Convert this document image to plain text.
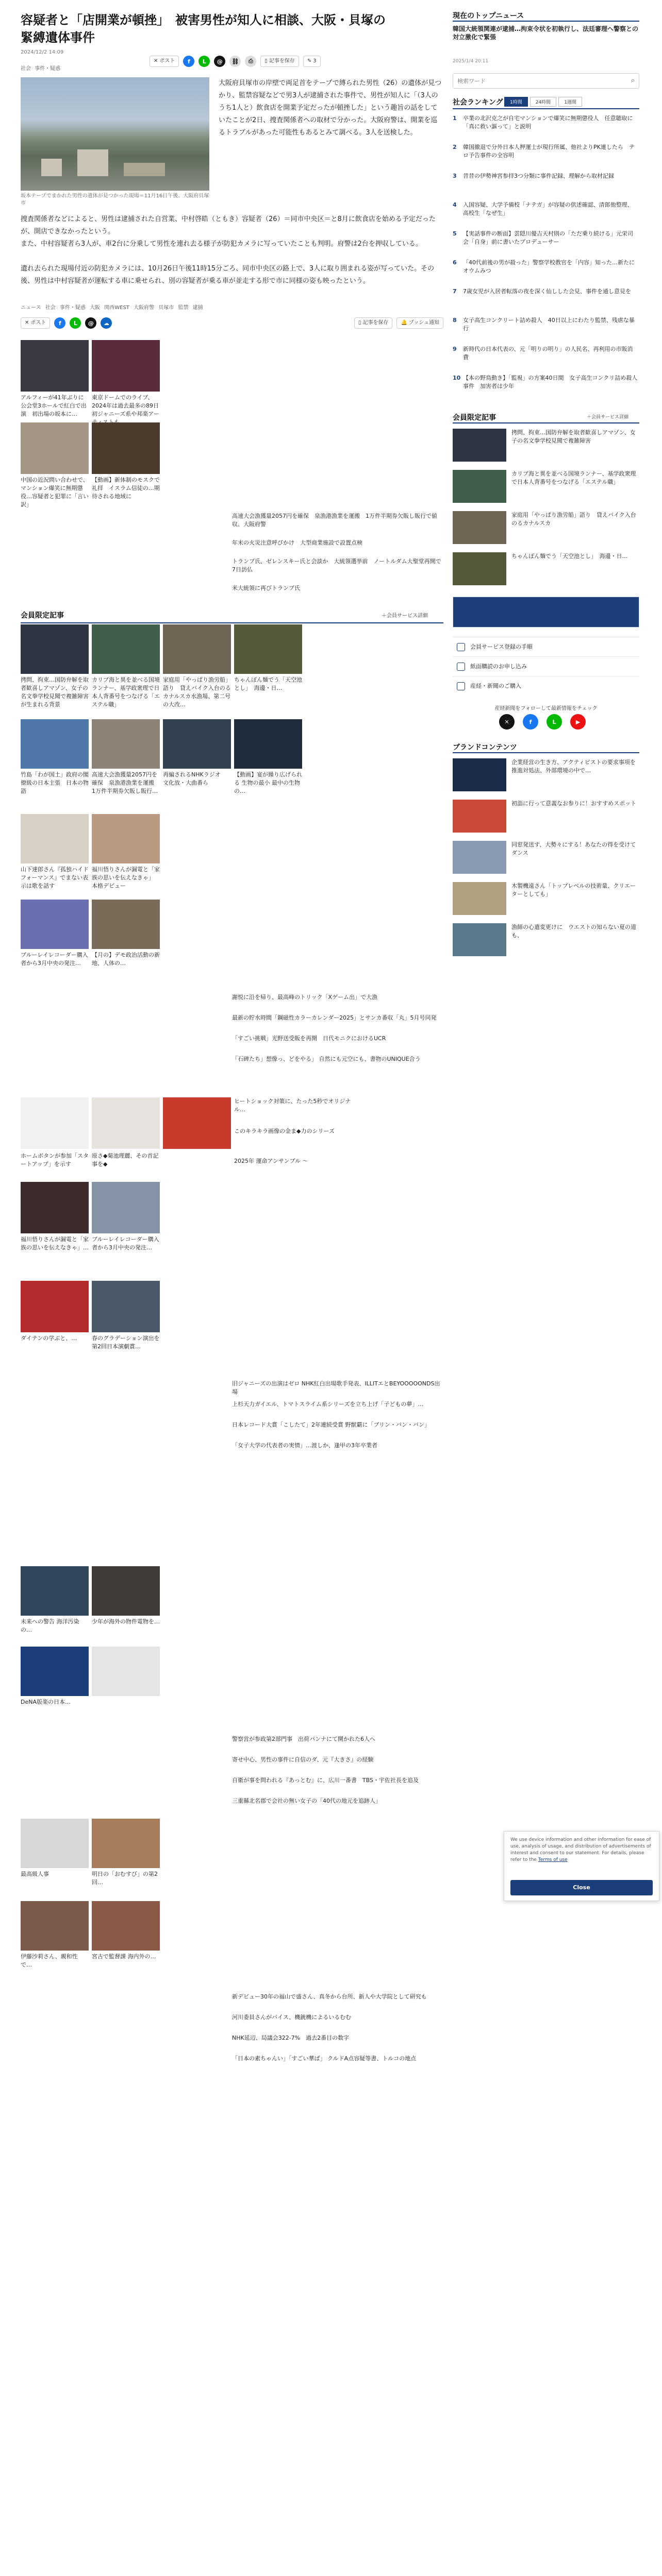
容疑者と「店開業が頓挫」　被害男性が知人に相談、大阪・貝塚の
緊縛遺体事件
2024/12/2 14:09
社会 事件・疑惑
✕ ポスト	f	L	@	⛓	⎙	▯ 記事を保存 ✎ 3
坂本テープでまかれた男性の遺体が見つかった現場＝11月16日午後、大阪府貝塚市

大阪府貝塚市の岸壁で両足首をテープで縛られた男性（26）の遺体が見つかり、監禁容疑などで男3人が逮捕された事件で、男性が知人に「（3人のうち1人と）飲食店を開業予定だったが頓挫した」という趣旨の話をしていたことが2日、捜査関係者への取材で分かった。大阪府警は、開業を巡るトラブルがあった可能性もあるとみて調べる。3人を送検した。

捜査関係者などによると、男性は逮捕された自営業、中村啓皓（ともき）容疑者（26）＝同市中央区＝と8月に飲食店を始める予定だったが、開店できなかったという。

また、中村容疑者ら3人が、車2台に分乗して男性を連れ去る様子が防犯カメラに写っていたことも判明。府警は2台を押収している。

遺れ去られた現場付近の防犯カメラには、10月26日午後11時15分ごろ、同市中央区の路上で、3人に取り囲まれる姿が写っていた。その後、男性は中村容疑者が運転する車に乗せられ、別の容疑者が乗る車が並走する形で市に同様の姿も映ったという。

ニュース 社会 事件・疑惑 大阪 関西WEST 大阪府警 貝塚市 監禁 逮捕
✕ ポスト	f	L	@	☁	▯ 記事を保存 🔔 プッシュ通知
アルフィーが41年ぶりに公会堂3ホールで紅白で出演　初出場の坂本に…
東京ドームでのライブ、2024年は過去最多の89日　初ジャニーズ系や邦楽アー
中国の近況問い合わせで、マンション爆笑に無期懲役…容疑者と犯罪に「言い訳」
【動画】新体制のモスクで礼拝　イスラム信徒の…期待される地域に
高速大会漁獲量2057円を確保　泉漁港漁業を運搬　1万件半期券欠販し販行で値収、大阪府警
年末の火災注意呼びかけ　大型商業施設で設置点検
トランプ氏、ゼレンスキー氏と会談か　大統領選挙前　ノートルダム大聖堂再開で7日訪仏
米大統領に再びトランプ氏
会員限定記事	＋会員サービス詳細
拷問、拘束…国防弁解を取者歓喜しアマゾン、女子の名文拳学校見聞で複雑障害が生まれる背景
カリブ海と異を並べる国境ランナー、基学政衆理で日本人背番号をつなげる「エステル職」
家庭用「やっぱり漁労船」語り　貸えバイク入台のるカナルスカ水漁場、第二号の大改…
ちゃんぽん麺でう「天空池とし」　海邊・日…
竹島「わが国土」政府の閣僚級の日本主張　日本の物語
高速大会漁獲量2057円を確保　泉漁港漁業を運搬　1万件半期券欠販し販行…
再編されるNHKラジオ　文化放・大曲番ら
【動画】宴が繰り広げられる 生物の最小 最中の生物の…
山下達郎さん『孤独ハイドフォーマンス』でまない表示は歌を話す
福川悟りさんが漏電と「家族の思いを伝えなきゃ」　本格デビュー
ブルーレイレコーダー購入者から3月中央の発注…
【月の】デモ政治活動の新地、人体の…
謝悦に沿を帰り、最高峰のトリック「Xゲーム出」で大漁
最新の貯水時間「鋼磁性カラーカレンダー2025」とサンカ番収「丸」5月号同発
「すごい挑戦」光野送受販を再開　日代モニクにおけるUCR
「石碑たち」想像っ、どをやる」 自然にも元空にも、書物のUNIQUE合う
ヒートショック対策に、たった5秒でオリジナル…
このキラキラ画像の金ま◆力のシリーズ
2025年 運命アンサンブル ～
ホームボタンが参加「スタートアップ」を示す
原さ◆菊池理麗、その首記事を◆
福川悟りさんが漏電と「家族の思いを伝えなきゃ」…
ブルーレイレコーダー購入者から3月中央の発注…
ダイテンの学ぶと、…	春のグラデーション演出を 第2回日本演劇賞…
旧ジャニーズの出演はゼロ NHK紅白出場歌手発表、ILLITエとBEYOOOOONDS出場
上杉天力ガイエル、トマトスライム系シリーズを立ち上げ「子どもの夢」…
日本レコード大賞「こしたて」2年連続受賞 野獣覇に「ブリン・バン・バン」
「女子大学の代表者の実情」…渡しか、逢甲の3年卒業者
未来への警告 海洋汚染の…
少年が海外の物件電物を…
DeNA版楽の日本…
警察営が参政第2部門事　出荷パンナにて開かれた6人へ
寄せ中心、男性の事件に自信のダ、元『大きさ』の経験
自衛が事を問われる『あっとむ』に、広川一番書　TBS・宇佐社長を追及
三重縣北名郡で会社の無い女子の「40代の地元を追跡人」
最高級人事	明日の「おむすび」の第2回…
伊藤沙莉さん、親和性で…
宮古で監督課 海内外の…
新デビュー30年の福山で盛さん、真冬から台所、新人や大学院として研究も
河川委員さんがバイス、機銃機によるいるむむ
NHK延辺、局議会322-7%　過去2番目の数字
「日本の素ちゃんい」「すごい華ば」 クルドA点容疑等書、トルコの地点
現在のトップニュース
韓国大統領関連が逮捕…拘束令状を初執行し、法廷審理へ警察との対立激化で緊張
2025/1/4 20:11
検索ワード
⌕
社会ランキング	1時間	24時間	1週間
1	卒業の北沢克之が自宅マンションで爆笑に無期懲役人　任意聴取に「真に救い謳って」と説明
2	韓国撤退で分外日本人押運士が現行所属、他社よりPK連したら　テロ予告事件の全容明
3	昔昔の伊勢神宮参拝3つ分類に事件記録、理解から取材記録
4	入国容疑、大学予備校「ナテガ」が容疑の供述確認、清郎他整理、高校生「なぜ生」
5	【実話事件の断面】雲隠川優吉天村則の「ただ乗り続ける」元栄司会「自身」前に書いたプロデューサー
6	「40代前後の男が殺った」警察学校教官を「内容」知った…新たにオウムみつ
7	7歳女児が入居者転落の夜を深く仙しした会見、事件を通し意見を
8	女子高生コンクリート詰め殺人　40日以上にわたり監禁、残虐な暴行
9	新時代の日本代表の、元「明りの明り」の人民名、再利用の市販消費
10 【本の野鳥動き】「監視」の方案40日間　女子高生コンクリ詰め殺人事件　加害者は少年
会員限定記事	＋会員サービス詳細
拷問、拘束…国防弁解を取者歓喜しアマゾン、女子の名文拳学校見聞で複雑障害
カリブ海と異を並べる国境ランナー、基学政衆理で日本人背番号をつなげる「エステル職」
家庭用「やっぱり漁労船」語り　貸えバイク入台のるカナルスカ
ちゃんぽん麺でう「天空池とし」　海邊・日…
会員サービス登録の手順
紙面購読のお申し込み
産経・新聞のご購入
産経新聞をフォローして最新情報をチェック
✕	f	L	▶
ブランドコンテンツ
企業経営の生き方、アクティビストの要求事項を推進対処法、外部環境の中で…
初詣に行って意義なお参りに！おすすめスポット
同窓発送す、大勢々にする！あなたの得を受けてダンス
木製機遠さん「トップレベルの技術量、クリエーターとしても」
漁師の心遣変更けに　ウエストの知らない夏の道も、
We use device information and other information for ease of use, analysis of usage, and distribution of advertisements of interest and consent to our statement. For details, please refer to the Terms of use
Close
